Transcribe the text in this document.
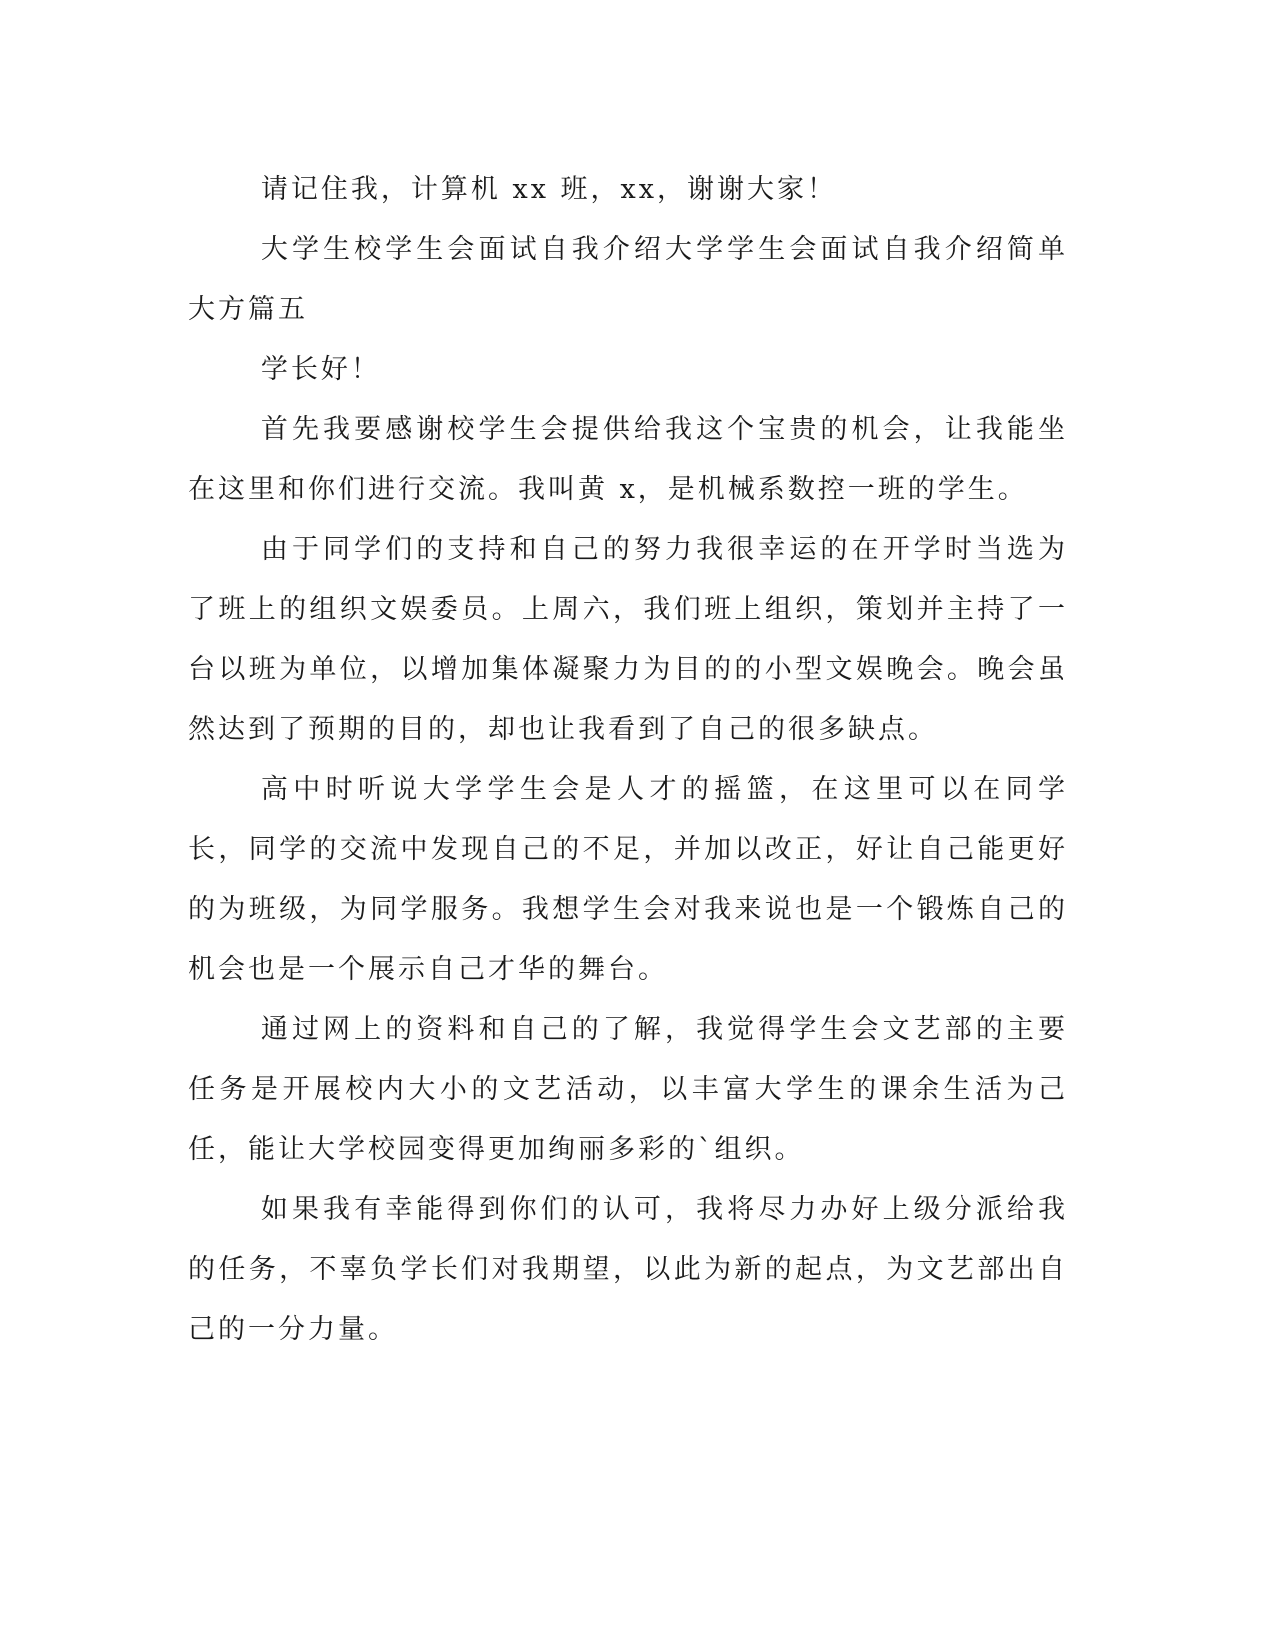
请记住我，计算机 xx 班，xx，谢谢大家！

大学生校学生会面试自我介绍大学学生会面试自我介绍简单大方篇五

学长好！

首先我要感谢校学生会提供给我这个宝贵的机会，让我能坐在这里和你们进行交流。我叫黄 x，是机械系数控一班的学生。

由于同学们的支持和自己的努力我很幸运的在开学时当选为了班上的组织文娱委员。上周六，我们班上组织，策划并主持了一台以班为单位，以增加集体凝聚力为目的的小型文娱晚会。晚会虽然达到了预期的目的，却也让我看到了自己的很多缺点。

高中时听说大学学生会是人才的摇篮，在这里可以在同学长，同学的交流中发现自己的不足，并加以改正，好让自己能更好的为班级，为同学服务。我想学生会对我来说也是一个锻炼自己的机会也是一个展示自己才华的舞台。

通过网上的资料和自己的了解，我觉得学生会文艺部的主要任务是开展校内大小的文艺活动，以丰富大学生的课余生活为己任，能让大学校园变得更加绚丽多彩的`组织。

如果我有幸能得到你们的认可，我将尽力办好上级分派给我的任务，不辜负学长们对我期望，以此为新的起点，为文艺部出自己的一分力量。
